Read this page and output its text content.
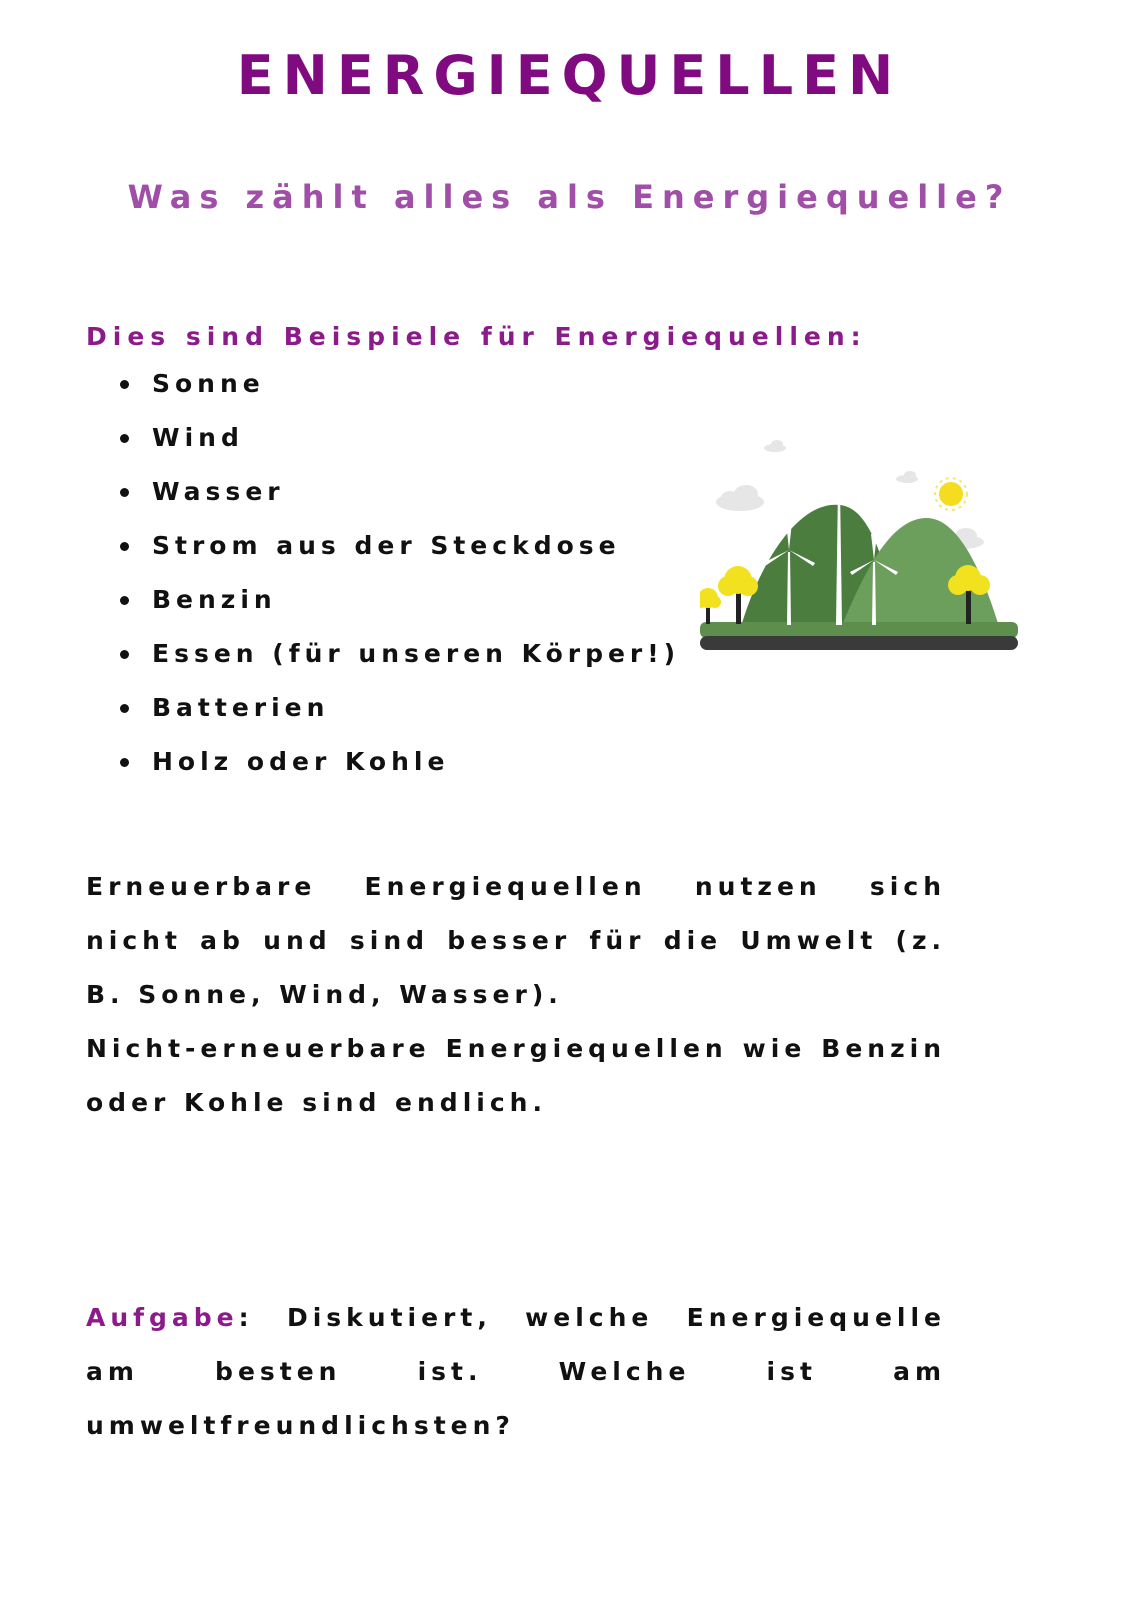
ENERGIEQUELLEN
Was zählt alles als Energiequelle?
Dies sind Beispiele für Energiequellen:
Sonne
Wind
Wasser
Strom aus der Steckdose
Benzin
Essen (für unseren Körper!)
Batterien
Holz oder Kohle

Erneuerbare Energiequellen nutzen sich nicht ab und sind besser für die Umwelt (z. B. Sonne, Wind, Wasser).
Nicht-erneuerbare Energiequellen wie Benzin oder Kohle sind endlich.

Aufgabe: Diskutiert, welche Energiequelle am besten ist. Welche ist am umweltfreundlichsten?
